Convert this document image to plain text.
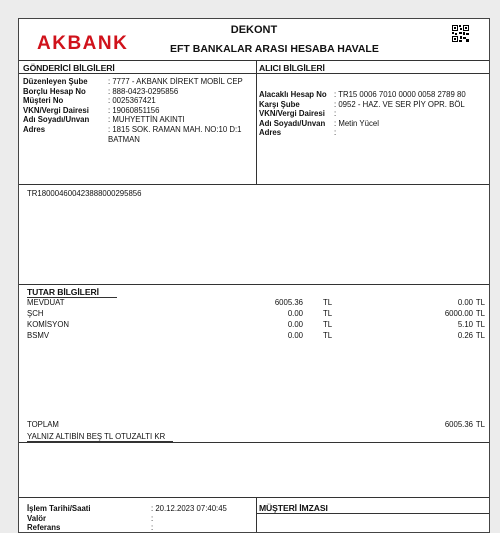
AKBANK
DEKONT
EFT BANKALAR ARASI HESABA HAVALE
GÖNDERİCİ BİLGİLERİ	ALICI BİLGİLERİ
Düzenleyen Şube	: 7777 - AKBANK DİREKT MOBİL CEP
Borçlu Hesap No	: 888-0423-0295856
Müşteri No	: 0025367421
VKN/Vergi Dairesi : 19060851156
Adı Soyadı/Unvan : MUHYETTİN AKINTI
Adres	: 1815 SOK. RAMAN MAH. NO:10 D:1 BATMAN
Alacaklı Hesap No : TR15 0006 7010 0000 0058 2789 80
Karşı Şube	: 0952 - HAZ. VE SER PİY OPR. BÖL
VKN/Vergi Dairesi :
Adı Soyadı/Unvan : Metin Yücel
Adres	:
TR180004600423888000295856
TUTAR BİLGİLERİ
MEVDUAT	6005.36	TL	0.00 TL
ŞCH	0.00	TL	6000.00 TL
KOMİSYON	0.00	TL	5.10 TL
BSMV	0.00	TL	0.26 TL
TOPLAM	6005.36 TL
YALNIZ ALTIBİN BEŞ TL OTUZALTI KR
İşlem Tarihi/Saati	: 20.12.2023 07:40:45
Valör	:
Referans	:
MÜŞTERİ İMZASI
